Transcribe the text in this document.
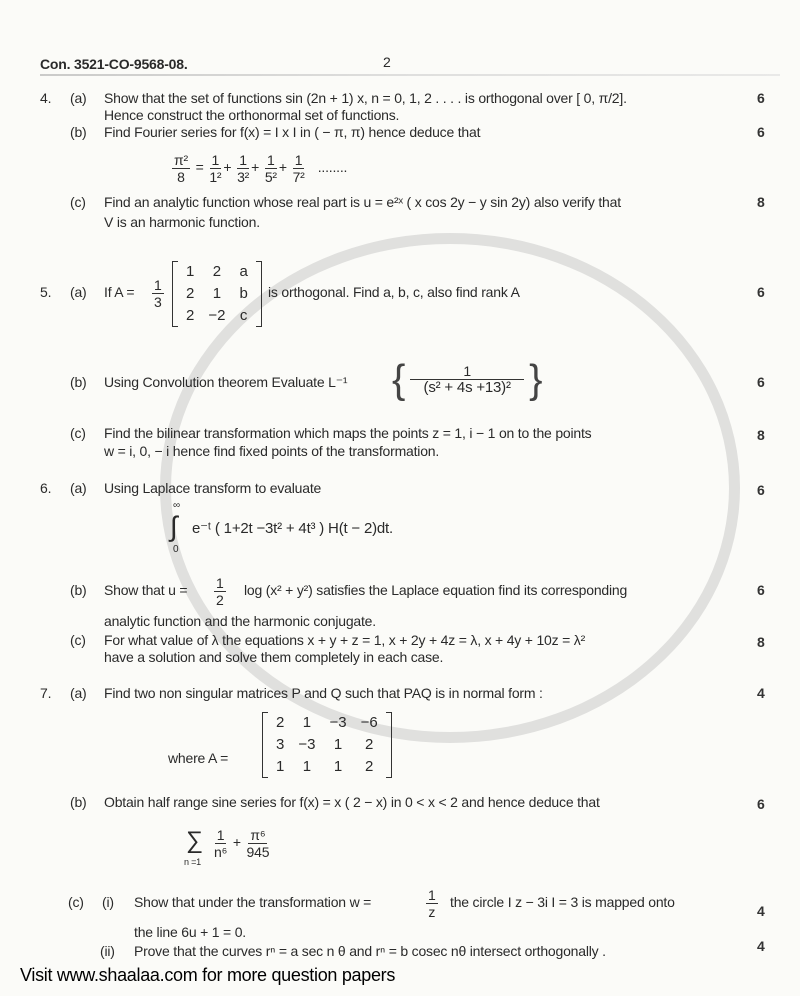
Con. 3521-CO-9568-08.	2
4. (a) Show that the set of functions sin (2n + 1) x, n = 0, 1, 2 . . . . is orthogonal over [ 0, π/2].
Hence construct the orthonormal set of functions.
6
(b) Find Fourier series for f(x) = I x I in ( − π, π) hence deduce that	6
$\frac{\text{π²}}{8} = \frac{1}{\text{1²}} + \frac{1}{\text{3²}} + \frac{1}{\text{5²}} + \frac{1}{\text{7²}}$ ........
(c) Find an analytic function whose real part is u = e²ˣ ( x cos 2y − y sin 2y) also verify that
V is an harmonic function.
8
5. (a) If $A = \frac{1}{3}$
1	2	a
2	1	b
2	−2	c
is orthogonal. Find a, b, c, also find rank A	6
(b) Using Convolution theorem Evaluate L⁻¹ { $\frac{1}{\text{(s² + 4s +13)²}}$ }	6
(c) Find the bilinear transformation which maps the points z = 1, i − 1 on to the points
w = i, 0, − i hence find fixed points of the transformation.
8
6. (a) Using Laplace transform to evaluate	6
∞
∫
0
e⁻ᵗ ( 1+2t −3t² + 4t³ ) H(t − 2)dt.
(b) Show that $u = \frac{1}{2}$ log (x² + y²) satisfies the Laplace equation find its corresponding
analytic function and the harmonic conjugate.
6
(c) For what value of λ the equations x + y + z = 1, x + 2y + 4z = λ, x + 4y + 10z = λ²
have a solution and solve them completely in each case.
8
7. (a) Find two non singular matrices P and Q such that PAQ is in normal form :	4
where A =
2	1	−3	−6
3	−3	1	2
1	1	1	2
(b) Obtain half range sine series for f(x) = x ( 2 − x) in 0 < x < 2 and hence deduce that	6
∑
n =1
$\frac{1}{\text{n⁶}} + \frac{\text{π⁶}}{945}$
(c) (i) Show that under the transformation w =	$\frac{1}{z}$ the circle I z − 3i I = 3 is mapped onto
the line 6u + 1 = 0.
4
(ii) Prove that the curves rⁿ = a sec n θ and rⁿ = b cosec nθ intersect orthogonally .	4
Visit www.shaalaa.com for more question papers
